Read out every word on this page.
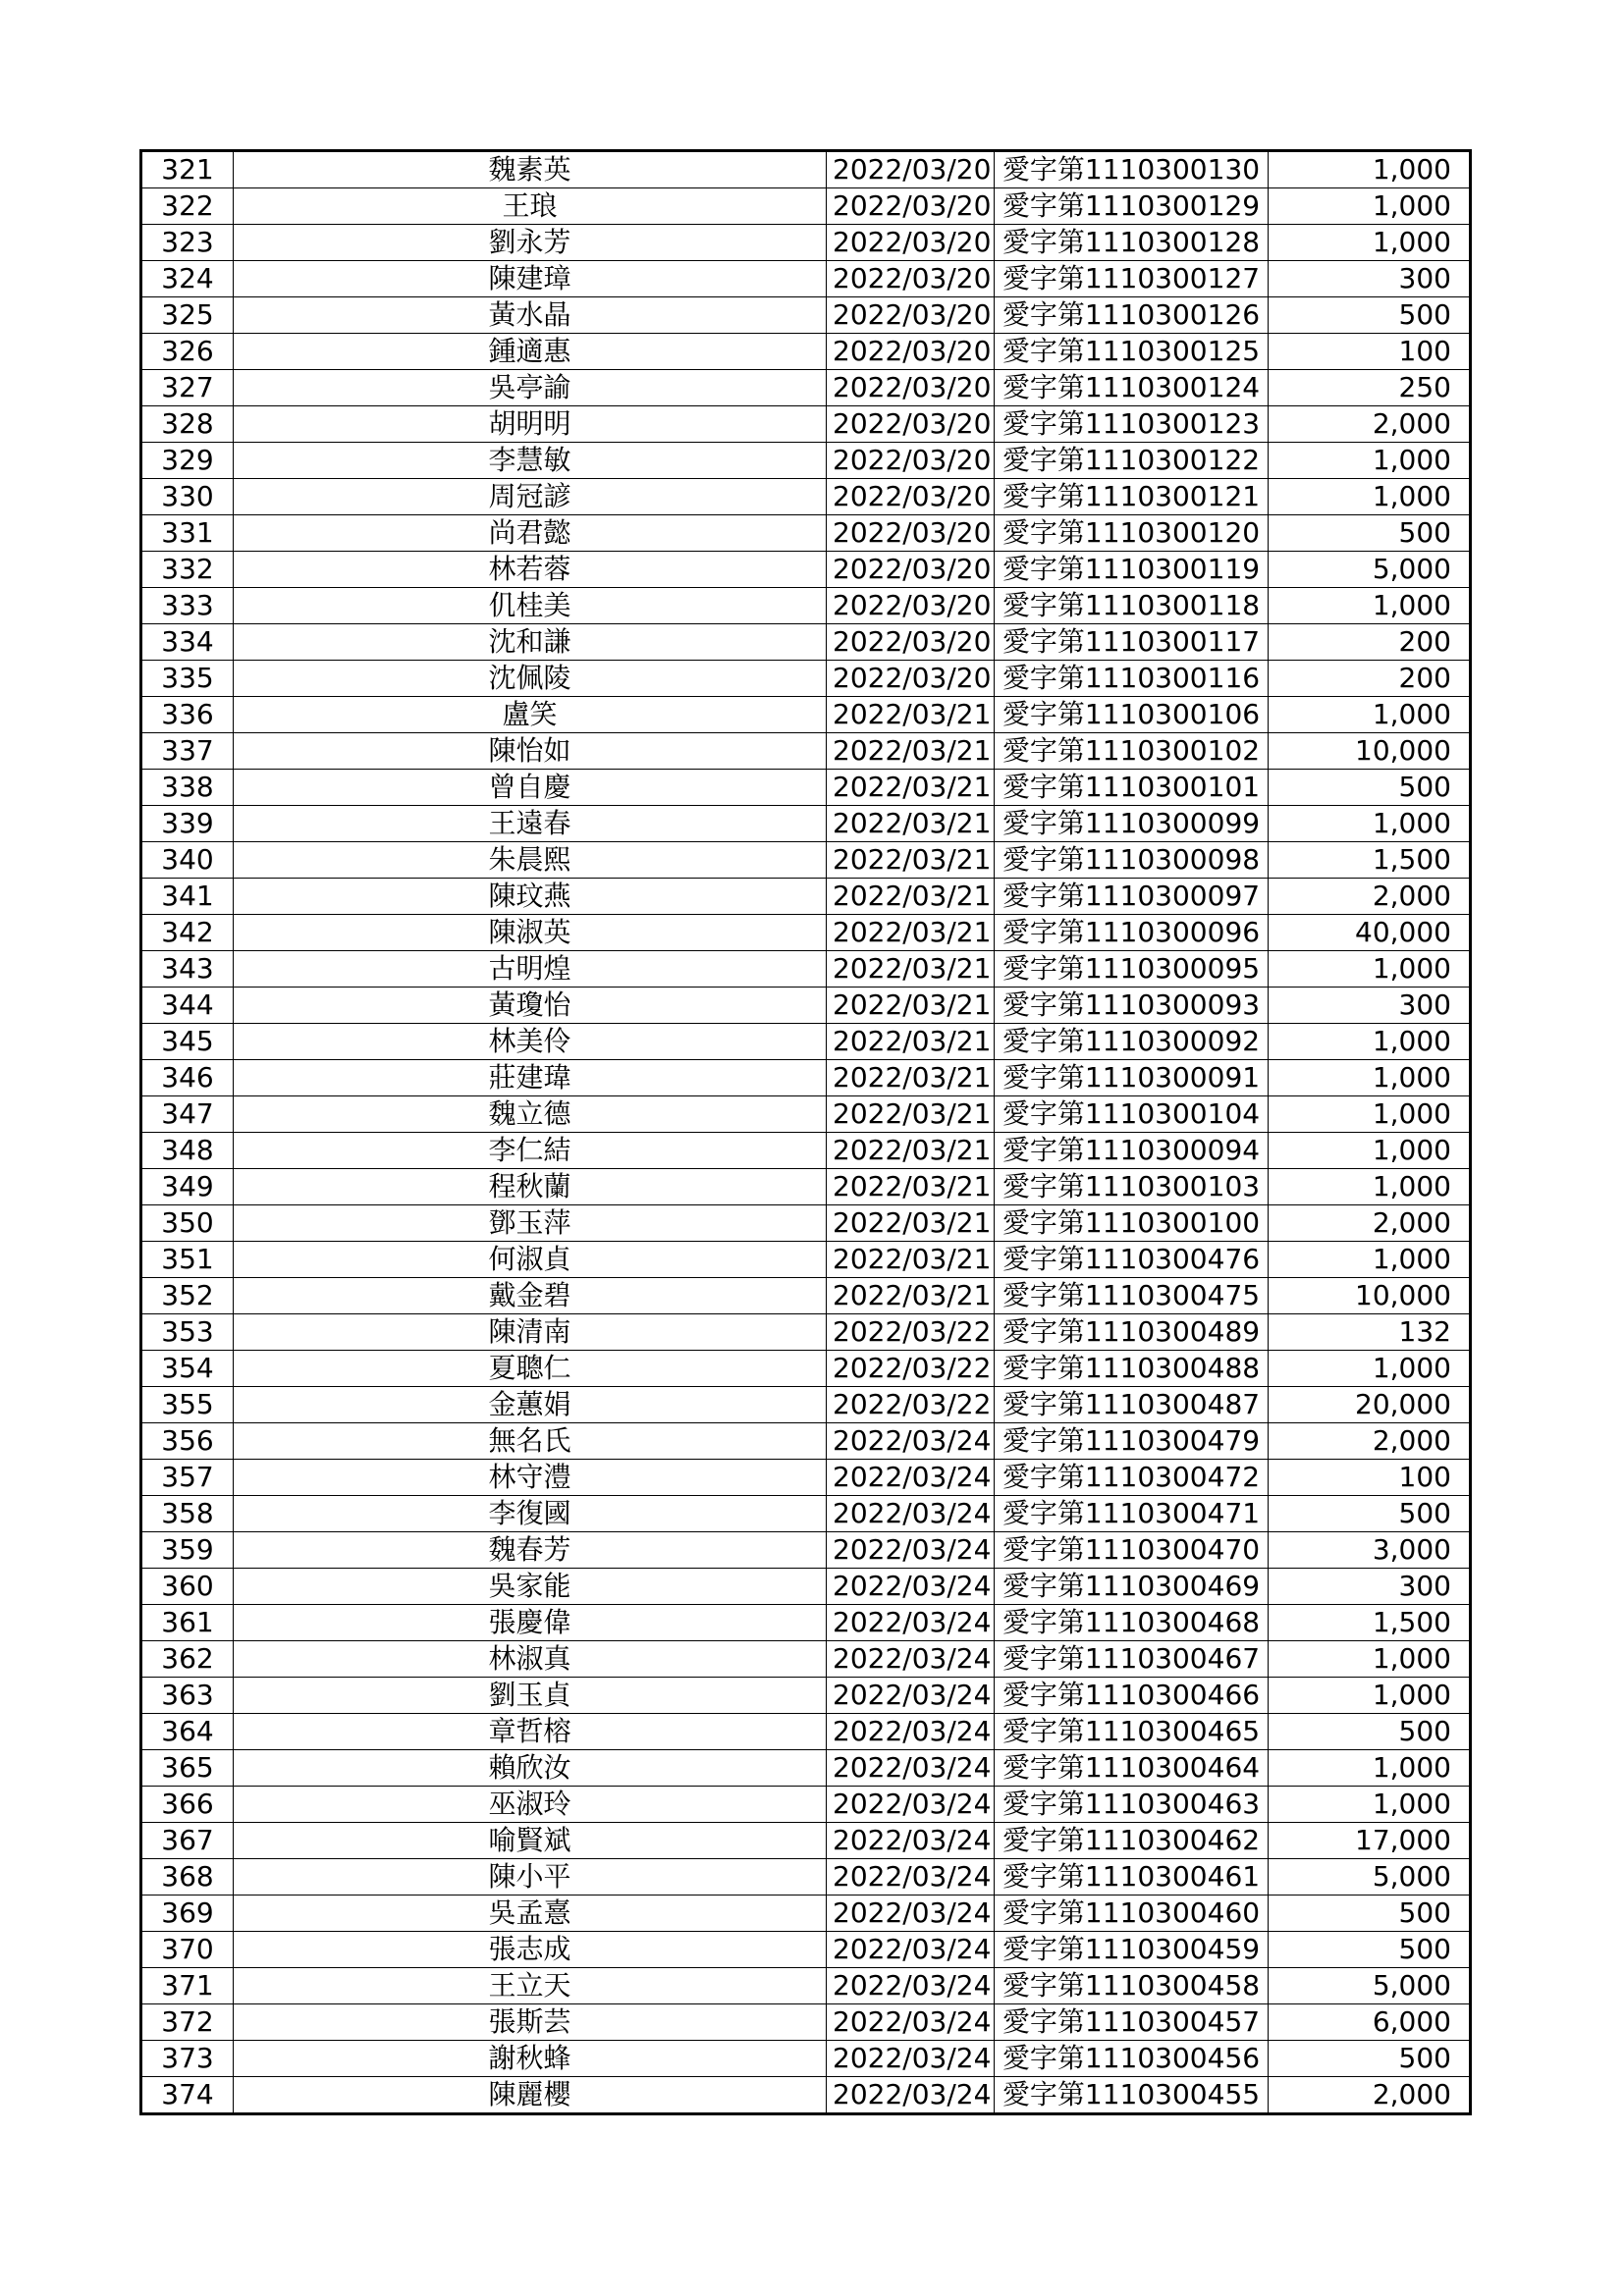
321	魏素英	2022/03/20	愛字第1110300130	1,000
322	王琅	2022/03/20	愛字第1110300129	1,000
323	劉永芳	2022/03/20	愛字第1110300128	1,000
324	陳建璋	2022/03/20	愛字第1110300127	300
325	黃水晶	2022/03/20	愛字第1110300126	500
326	鍾適惠	2022/03/20	愛字第1110300125	100
327	吳亭諭	2022/03/20	愛字第1110300124	250
328	胡明明	2022/03/20	愛字第1110300123	2,000
329	李慧敏	2022/03/20	愛字第1110300122	1,000
330	周冠諺	2022/03/20	愛字第1110300121	1,000
331	尚君懿	2022/03/20	愛字第1110300120	500
332	林若蓉	2022/03/20	愛字第1110300119	5,000
333	仉桂美	2022/03/20	愛字第1110300118	1,000
334	沈和謙	2022/03/20	愛字第1110300117	200
335	沈佩陵	2022/03/20	愛字第1110300116	200
336	盧笑	2022/03/21	愛字第1110300106	1,000
337	陳怡如	2022/03/21	愛字第1110300102	10,000
338	曾自慶	2022/03/21	愛字第1110300101	500
339	王遠春	2022/03/21	愛字第1110300099	1,000
340	朱晨熙	2022/03/21	愛字第1110300098	1,500
341	陳玟燕	2022/03/21	愛字第1110300097	2,000
342	陳淑英	2022/03/21	愛字第1110300096	40,000
343	古明煌	2022/03/21	愛字第1110300095	1,000
344	黃瓊怡	2022/03/21	愛字第1110300093	300
345	林美伶	2022/03/21	愛字第1110300092	1,000
346	莊建瑋	2022/03/21	愛字第1110300091	1,000
347	魏立德	2022/03/21	愛字第1110300104	1,000
348	李仁結	2022/03/21	愛字第1110300094	1,000
349	程秋蘭	2022/03/21	愛字第1110300103	1,000
350	鄧玉萍	2022/03/21	愛字第1110300100	2,000
351	何淑貞	2022/03/21	愛字第1110300476	1,000
352	戴金碧	2022/03/21	愛字第1110300475	10,000
353	陳清南	2022/03/22	愛字第1110300489	132
354	夏聰仁	2022/03/22	愛字第1110300488	1,000
355	金蕙娟	2022/03/22	愛字第1110300487	20,000
356	無名氏	2022/03/24	愛字第1110300479	2,000
357	林守澧	2022/03/24	愛字第1110300472	100
358	李復國	2022/03/24	愛字第1110300471	500
359	魏春芳	2022/03/24	愛字第1110300470	3,000
360	吳家能	2022/03/24	愛字第1110300469	300
361	張慶偉	2022/03/24	愛字第1110300468	1,500
362	林淑真	2022/03/24	愛字第1110300467	1,000
363	劉玉貞	2022/03/24	愛字第1110300466	1,000
364	章哲榕	2022/03/24	愛字第1110300465	500
365	賴欣汝	2022/03/24	愛字第1110300464	1,000
366	巫淑玲	2022/03/24	愛字第1110300463	1,000
367	喻賢斌	2022/03/24	愛字第1110300462	17,000
368	陳小平	2022/03/24	愛字第1110300461	5,000
369	吳孟憙	2022/03/24	愛字第1110300460	500
370	張志成	2022/03/24	愛字第1110300459	500
371	王立天	2022/03/24	愛字第1110300458	5,000
372	張斯芸	2022/03/24	愛字第1110300457	6,000
373	謝秋蜂	2022/03/24	愛字第1110300456	500
374	陳麗櫻	2022/03/24	愛字第1110300455	2,000
